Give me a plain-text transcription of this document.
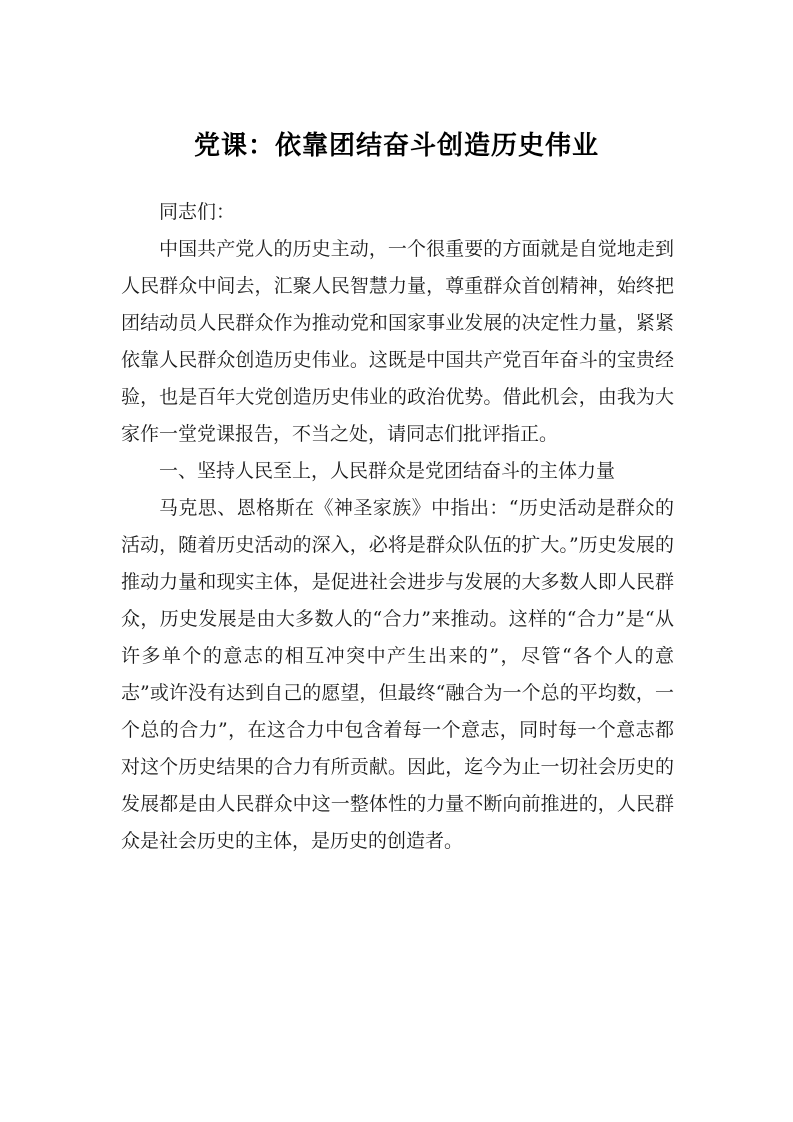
党课：依靠团结奋斗创造历史伟业

同志们：

中国共产党人的历史主动，一个很重要的方面就是自觉地走到人民群众中间去，汇聚人民智慧力量，尊重群众首创精神，始终把团结动员人民群众作为推动党和国家事业发展的决定性力量，紧紧依靠人民群众创造历史伟业。这既是中国共产党百年奋斗的宝贵经验，也是百年大党创造历史伟业的政治优势。借此机会，由我为大家作一堂党课报告，不当之处，请同志们批评指正。

一、坚持人民至上，人民群众是党团结奋斗的主体力量

马克思、恩格斯在《神圣家族》中指出：“历史活动是群众的活动，随着历史活动的深入，必将是群众队伍的扩大。”历史发展的推动力量和现实主体，是促进社会进步与发展的大多数人即人民群众，历史发展是由大多数人的“合力”来推动。这样的“合力”是“从许多单个的意志的相互冲突中产生出来的”，尽管“各个人的意志”或许没有达到自己的愿望，但最终“融合为一个总的平均数，一个总的合力”，在这合力中包含着每一个意志，同时每一个意志都对这个历史结果的合力有所贡献。因此，迄今为止一切社会历史的发展都是由人民群众中这一整体性的力量不断向前推进的，人民群众是社会历史的主体，是历史的创造者。
